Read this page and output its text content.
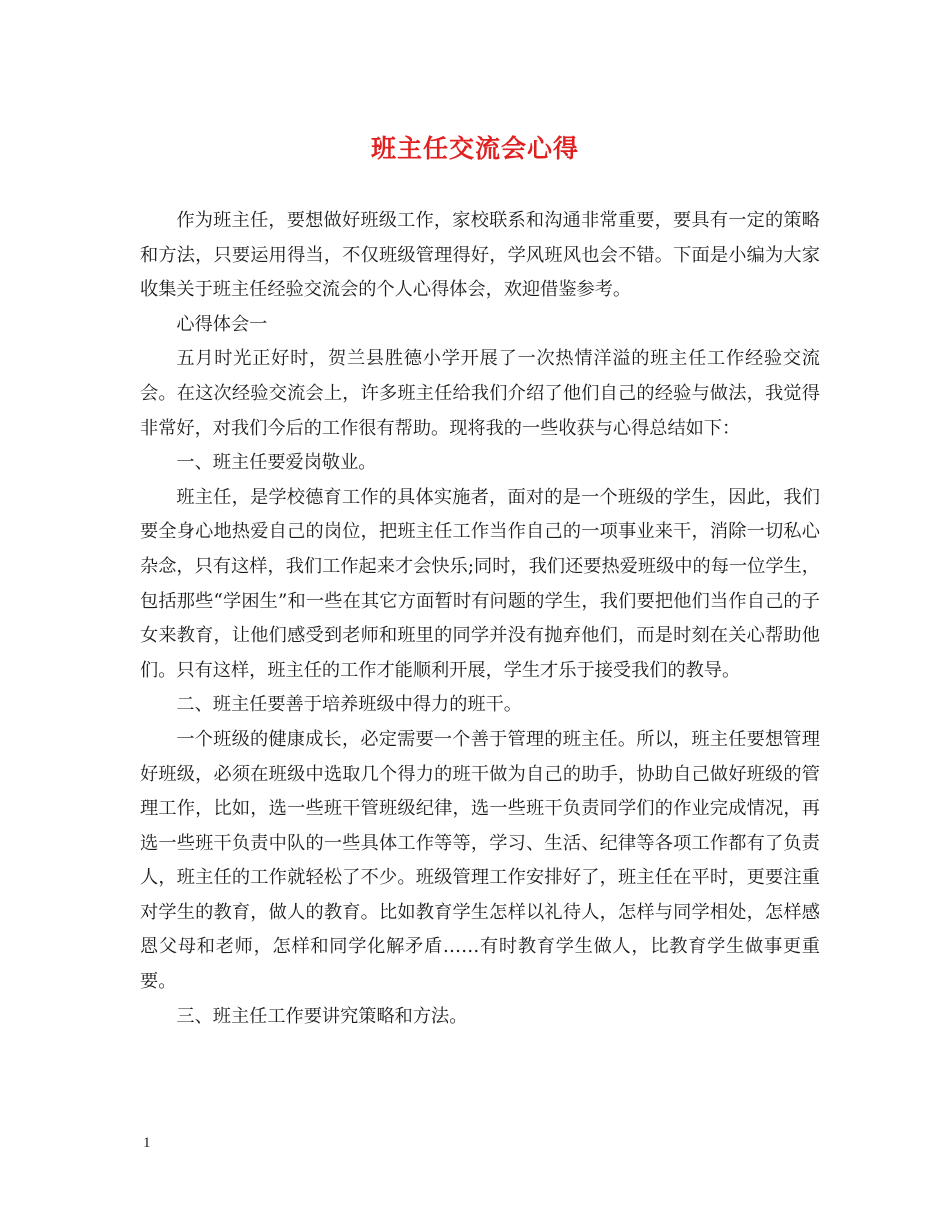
班主任交流会心得

作为班主任，要想做好班级工作，家校联系和沟通非常重要，要具有一定的策略和方法，只要运用得当，不仅班级管理得好，学风班风也会不错。下面是小编为大家收集关于班主任经验交流会的个人心得体会，欢迎借鉴参考。

心得体会一

五月时光正好时，贺兰县胜德小学开展了一次热情洋溢的班主任工作经验交流会。在这次经验交流会上，许多班主任给我们介绍了他们自己的经验与做法，我觉得非常好，对我们今后的工作很有帮助。现将我的一些收获与心得总结如下：

一、班主任要爱岗敬业。

班主任，是学校德育工作的具体实施者，面对的是一个班级的学生，因此，我们要全身心地热爱自己的岗位，把班主任工作当作自己的一项事业来干，消除一切私心杂念，只有这样，我们工作起来才会快乐;同时，我们还要热爱班级中的每一位学生，包括那些“学困生”和一些在其它方面暂时有问题的学生，我们要把他们当作自己的子女来教育，让他们感受到老师和班里的同学并没有抛弃他们，而是时刻在关心帮助他们。只有这样，班主任的工作才能顺利开展，学生才乐于接受我们的教导。

二、班主任要善于培养班级中得力的班干。

一个班级的健康成长，必定需要一个善于管理的班主任。所以，班主任要想管理好班级，必须在班级中选取几个得力的班干做为自己的助手，协助自己做好班级的管理工作，比如，选一些班干管班级纪律，选一些班干负责同学们的作业完成情况，再选一些班干负责中队的一些具体工作等等，学习、生活、纪律等各项工作都有了负责人，班主任的工作就轻松了不少。班级管理工作安排好了，班主任在平时，更要注重对学生的教育，做人的教育。比如教育学生怎样以礼待人，怎样与同学相处，怎样感恩父母和老师，怎样和同学化解矛盾……有时教育学生做人，比教育学生做事更重要。

三、班主任工作要讲究策略和方法。

1
